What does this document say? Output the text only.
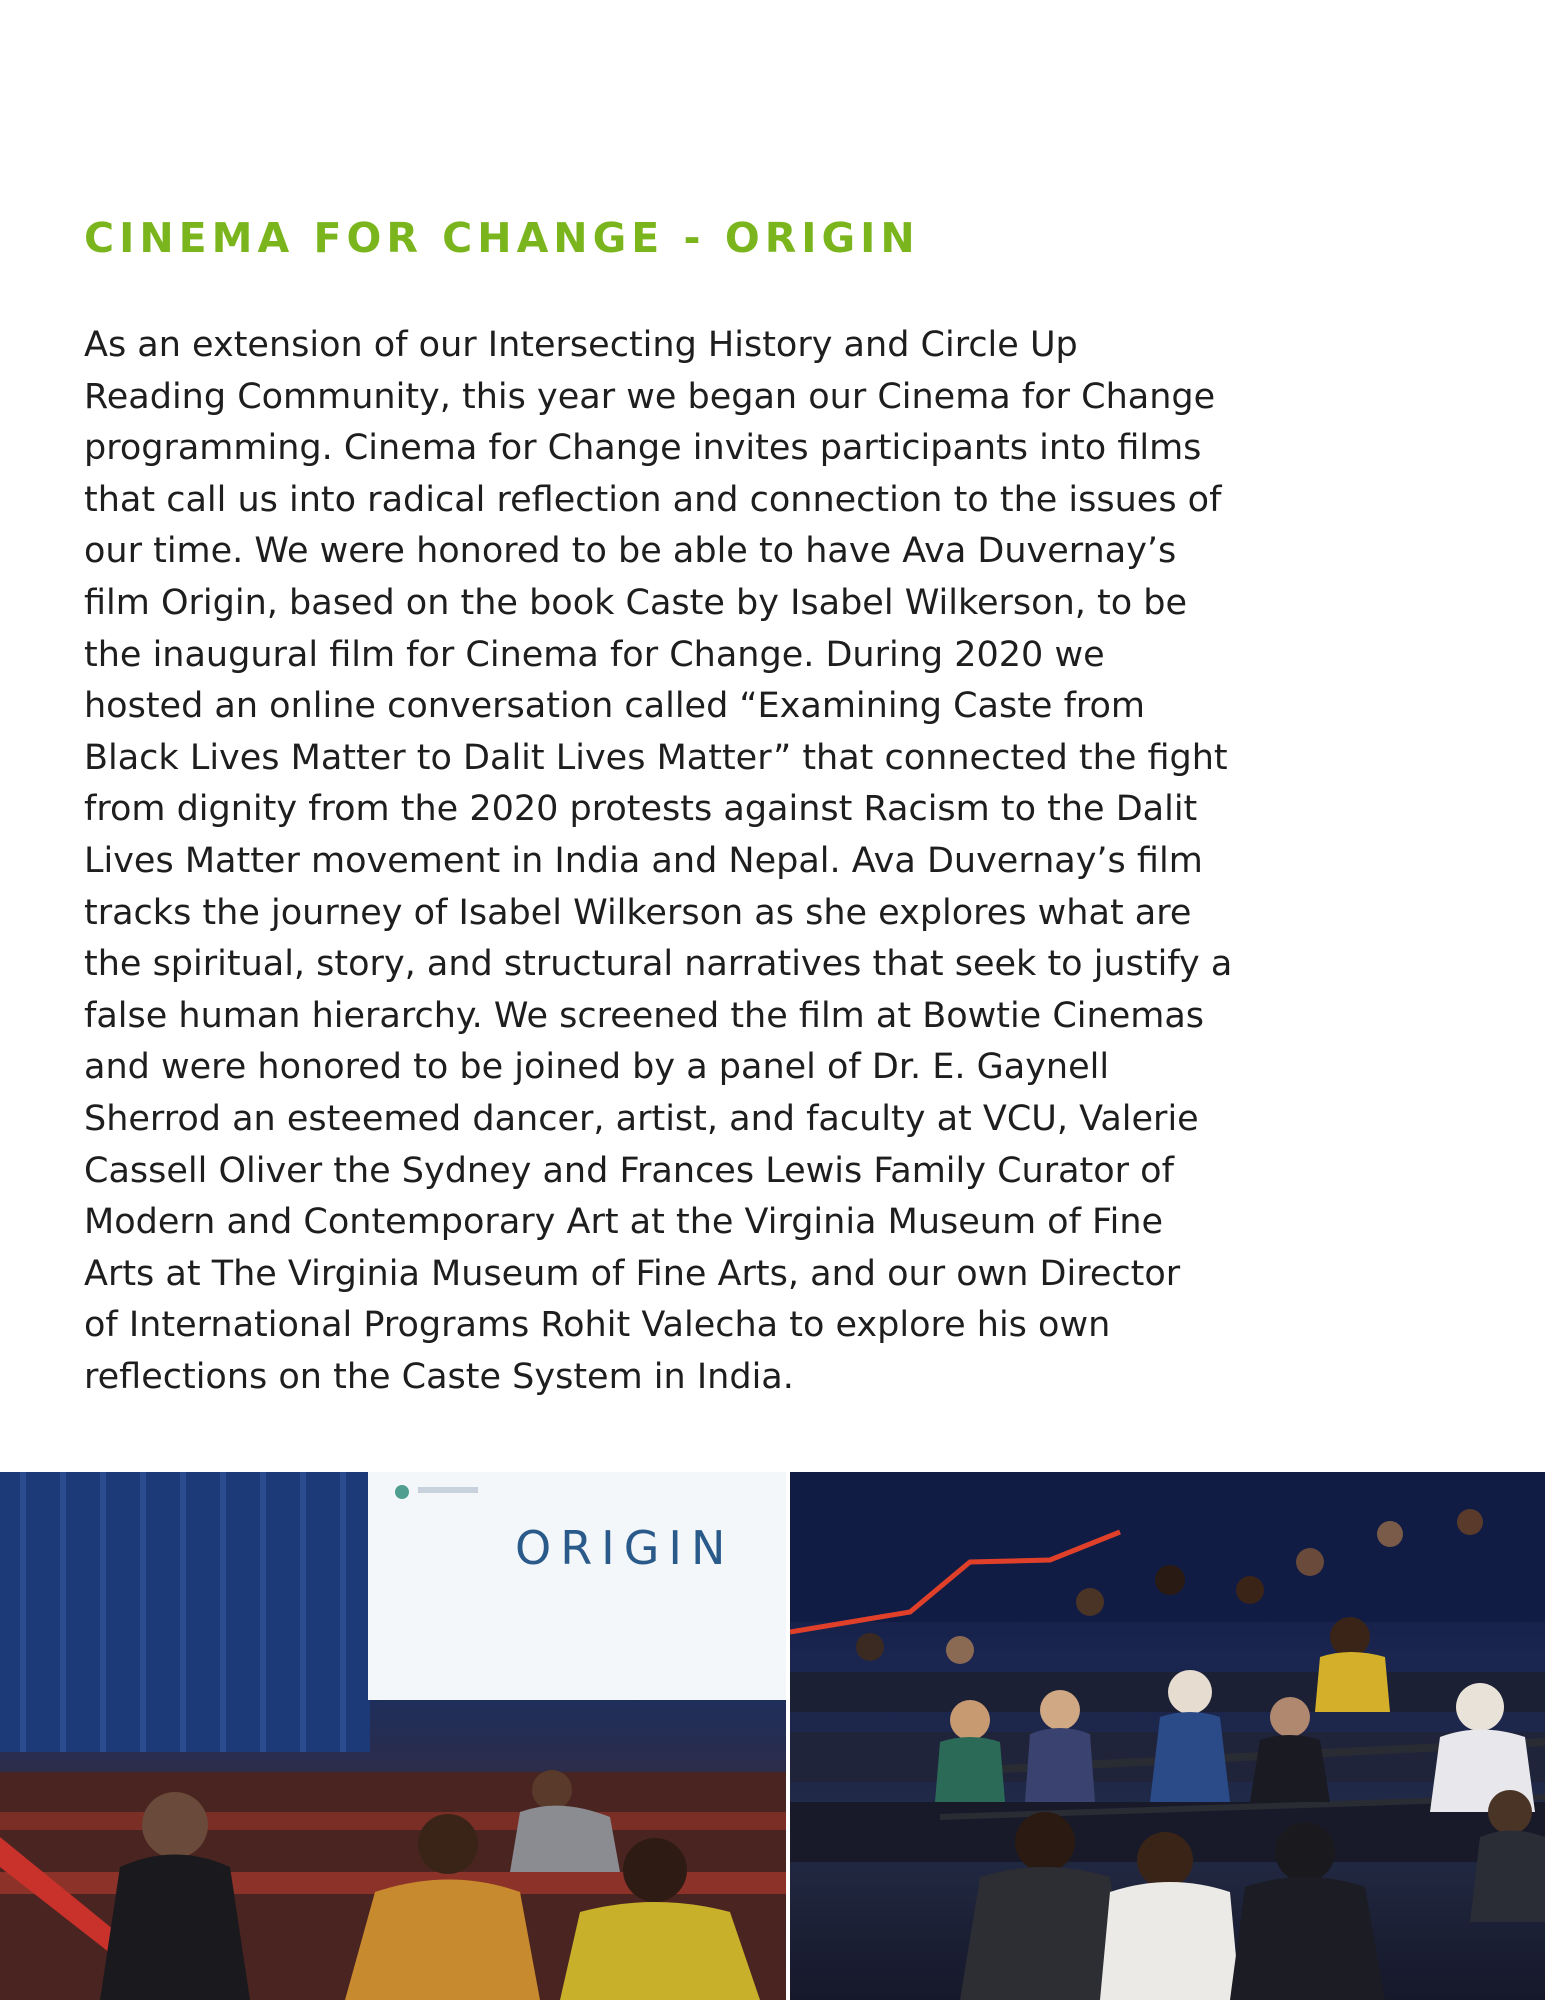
CINEMA FOR CHANGE - ORIGIN
As an extension of our Intersecting History and Circle Up
Reading Community, this year we began our Cinema for Change
programming. Cinema for Change invites participants into films
that call us into radical reflection and connection to the issues of
our time. We were honored to be able to have Ava Duvernay’s
film Origin, based on the book Caste by Isabel Wilkerson, to be
the inaugural film for Cinema for Change. During 2020 we
hosted an online conversation called “Examining Caste from
Black Lives Matter to Dalit Lives Matter” that connected the fight
from dignity from the 2020 protests against Racism to the Dalit
Lives Matter movement in India and Nepal. Ava Duvernay’s film
tracks the journey of Isabel Wilkerson as she explores what are
the spiritual, story, and structural narratives that seek to justify a
false human hierarchy. We screened the film at Bowtie Cinemas
and were honored to be joined by a panel of Dr. E. Gaynell
Sherrod an esteemed dancer, artist, and faculty at VCU, Valerie
Cassell Oliver the Sydney and Frances Lewis Family Curator of
Modern and Contemporary Art at the Virginia Museum of Fine
Arts at The Virginia Museum of Fine Arts, and our own Director
of International Programs Rohit Valecha to explore his own
reflections on the Caste System in India.
ORIGIN
